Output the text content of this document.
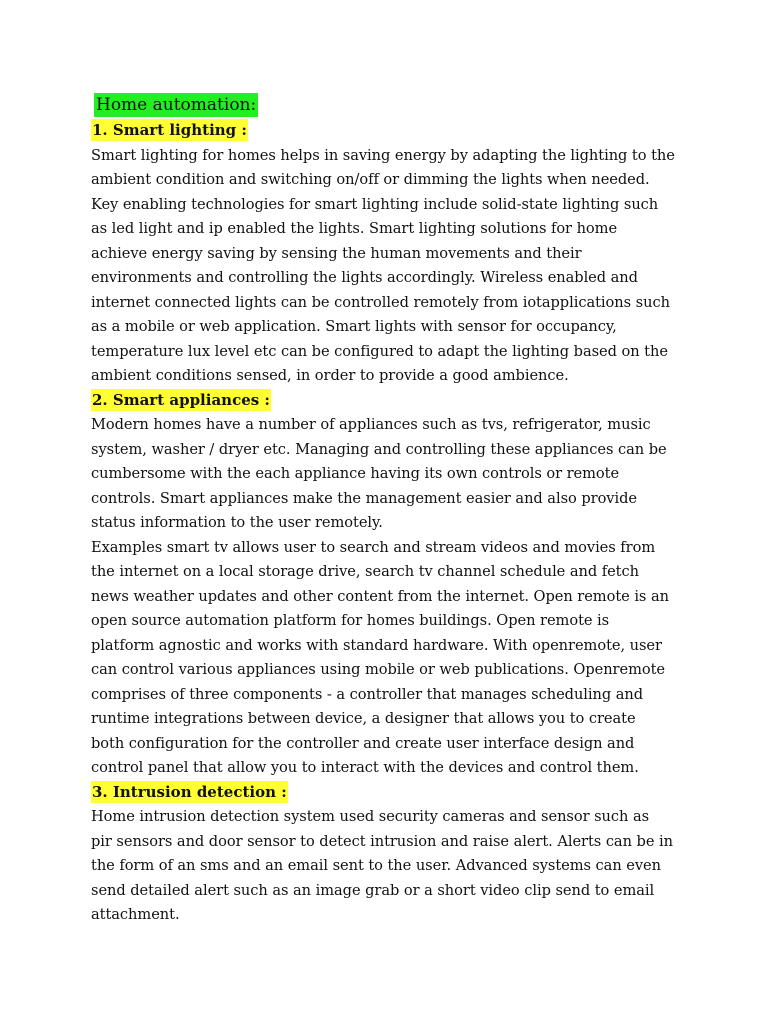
Home automation:
1. Smart lighting :

Smart lighting for homes helps in saving energy by adapting the lighting to the
ambient condition and switching on/off or dimming the lights when needed.
Key enabling technologies for smart lighting include solid-state lighting such
as led light and ip enabled the lights. Smart lighting solutions for home
achieve energy saving by sensing the human movements and their
environments and controlling the lights accordingly. Wireless enabled and
internet connected lights can be controlled remotely from iotapplications such
as a mobile or web application. Smart lights with sensor for occupancy,
temperature lux level etc can be configured to adapt the lighting based on the
ambient conditions sensed, in order to provide a good ambience.

2. Smart appliances :

Modern homes have a number of appliances such as tvs, refrigerator, music
system, washer / dryer etc. Managing and controlling these appliances can be
cumbersome with the each appliance having its own controls or remote
controls. Smart appliances make the management easier and also provide
status information to the user remotely.

Examples smart tv allows user to search and stream videos and movies from
the internet on a local storage drive, search tv channel schedule and fetch
news weather updates and other content from the internet. Open remote is an
open source automation platform for homes buildings. Open remote is
platform agnostic and works with standard hardware. With openremote, user
can control various appliances using mobile or web publications. Openremote
comprises of three components - a controller that manages scheduling and
runtime integrations between device, a designer that allows you to create
both configuration for the controller and create user interface design and
control panel that allow you to interact with the devices and control them.

3. Intrusion detection :

Home intrusion detection system used security cameras and sensor such as
pir sensors and door sensor to detect intrusion and raise alert. Alerts can be in
the form of an sms and an email sent to the user. Advanced systems can even
send detailed alert such as an image grab or a short video clip send to email
attachment.
